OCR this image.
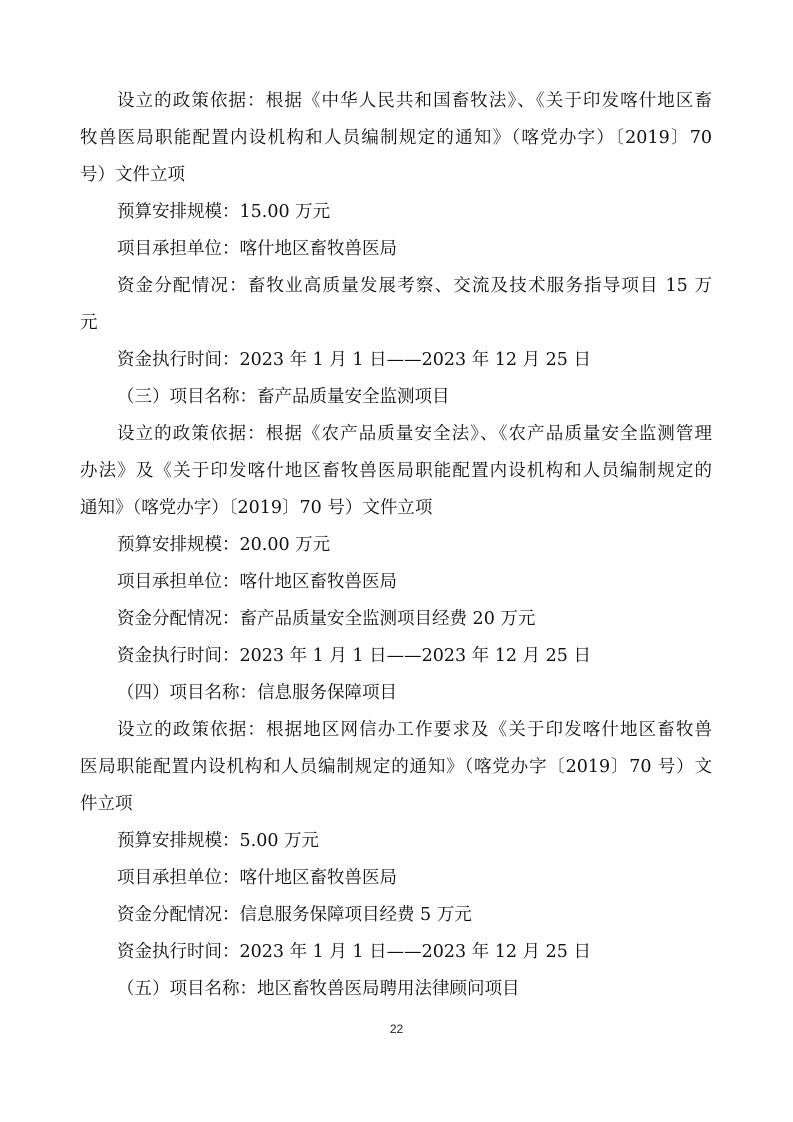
设立的政策依据：根据《中华人民共和国畜牧法》、《关于印发喀什地区畜
牧兽医局职能配置内设机构和人员编制规定的通知》（喀党办字）〔2019〕70
号）文件立项
预算安排规模：15.00 万元
项目承担单位：喀什地区畜牧兽医局
资金分配情况：畜牧业高质量发展考察、交流及技术服务指导项目 15 万
元
资金执行时间：2023 年 1 月 1 日——2023 年 12 月 25 日
（三）项目名称：畜产品质量安全监测项目
设立的政策依据：根据《农产品质量安全法》、《农产品质量安全监测管理
办法》及《关于印发喀什地区畜牧兽医局职能配置内设机构和人员编制规定的
通知》（喀党办字）〔2019〕70 号）文件立项
预算安排规模：20.00 万元
项目承担单位：喀什地区畜牧兽医局
资金分配情况：畜产品质量安全监测项目经费 20 万元
资金执行时间：2023 年 1 月 1 日——2023 年 12 月 25 日
（四）项目名称：信息服务保障项目
设立的政策依据：根据地区网信办工作要求及《关于印发喀什地区畜牧兽
医局职能配置内设机构和人员编制规定的通知》（喀党办字〔2019〕70 号）文
件立项
预算安排规模：5.00 万元
项目承担单位：喀什地区畜牧兽医局
资金分配情况：信息服务保障项目经费 5 万元
资金执行时间：2023 年 1 月 1 日——2023 年 12 月 25 日
（五）项目名称：地区畜牧兽医局聘用法律顾问项目
22
